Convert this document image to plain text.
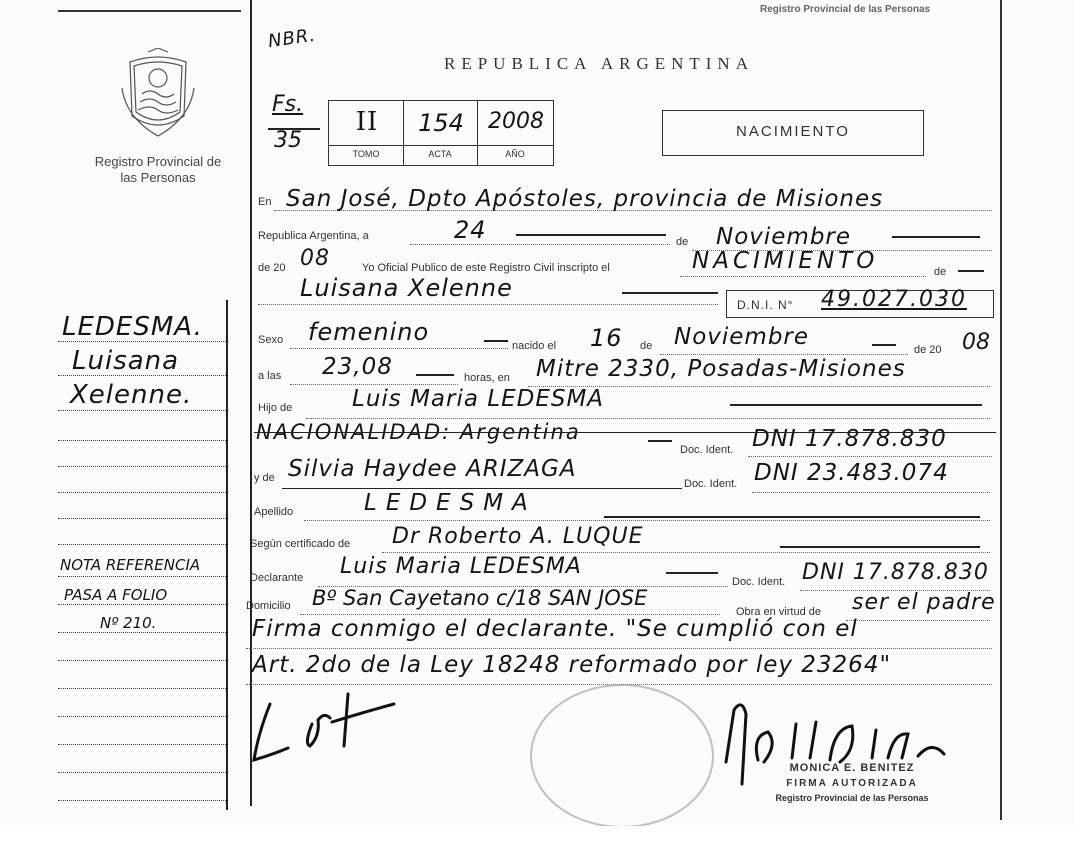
Registro Provincial de las Personas
LEDESMA.
Luisana
Xelenne.
NOTA REFERENCIA
PASA A FOLIO
Nº 210.
Registro Provincial de las Personas
NBR.
REPUBLICA ARGENTINA
Fs.
35
II	154	2008
TOMO	ACTA	AÑO
NACIMIENTO
En San José, Dpto Apóstoles, provincia de Misiones
Republica Argentina, a	24	de Noviembre
de 20 08	Yo Oficial Publico de este Registro Civil inscripto el	NACIMIENTO	de
Luisana Xelenne
D.N.I. N° 49.027.030
Sexo femenino	nacido el 16 de Noviembre	de 20 08
a las 23,08	horas, en Mitre 2330, Posadas-Misiones
Hijo de	Luis Maria LEDESMA
NACIONALIDAD: Argentina
Doc. Ident. DNI 17.878.830
y de Silvia Haydee ARIZAGA
Doc. Ident. DNI 23.483.074
Apellido	LEDESMA
Según certificado de Dr Roberto A. LUQUE
Declarante Luis Maria LEDESMA
Doc. Ident. DNI 17.878.830
Domicilio Bº San Cayetano c/18 SAN JOSE
Obra en virtud de ser el padre
Firma conmigo el declarante. "Se cumplió con el
Art. 2do de la Ley 18248 reformado por ley 23264"
MONICA E. BENITEZ
FIRMA AUTORIZADA
Registro Provincial de las Personas
